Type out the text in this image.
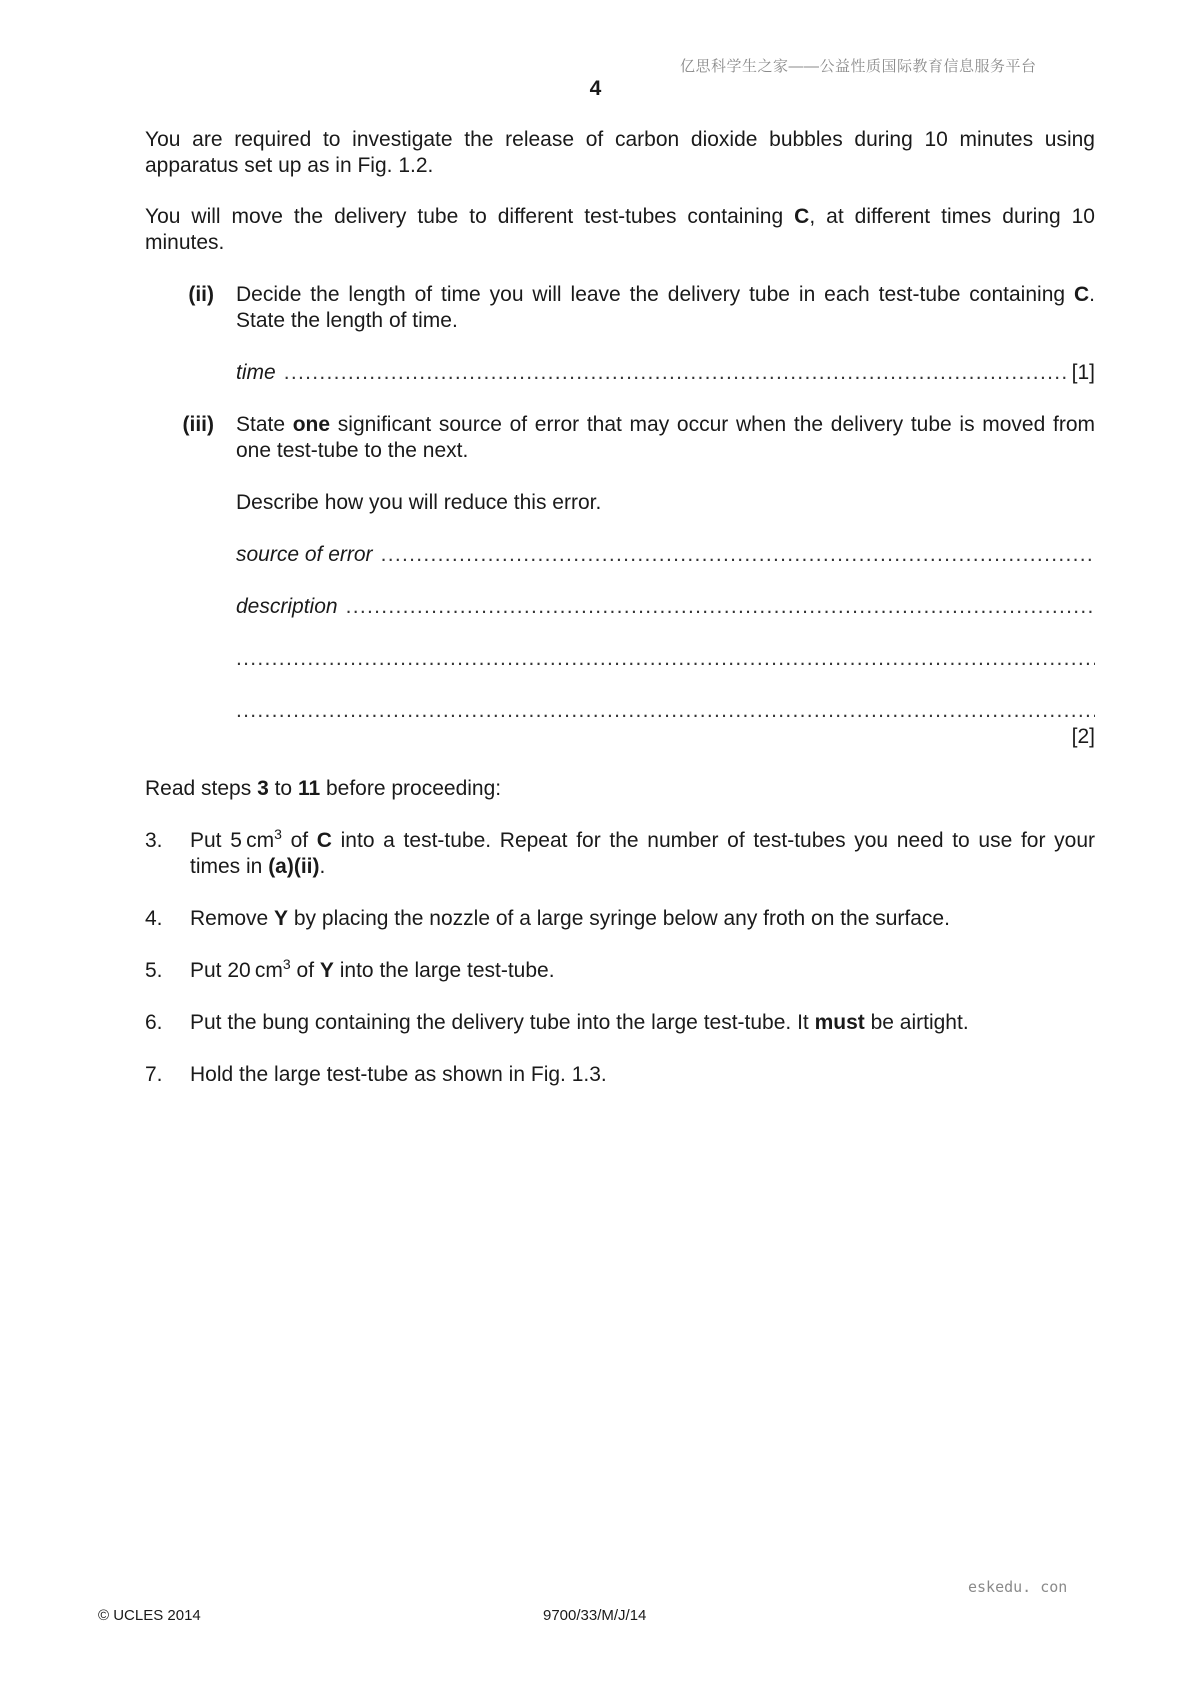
亿思科学生之家——公益性质国际教育信息服务平台
4
You are required to investigate the release of carbon dioxide bubbles during 10 minutes using apparatus set up as in Fig. 1.2.
You will move the delivery tube to different test-tubes containing C, at different times during 10 minutes.
(ii) Decide the length of time you will leave the delivery tube in each test-tube containing C. State the length of time.
time
.....	[1]
(iii) State one significant source of error that may occur when the delivery tube is moved from one test-tube to the next.
Describe how you will reduce this error.
source of error
.....
description
.....
.....
.....
[2]
Read steps 3 to 11 before proceeding:
3.	Put 5 $cm^3$ of C into a test-tube. Repeat for the number of test-tubes you need to use for your times in (a)(ii).
4.	Remove Y by placing the nozzle of a large syringe below any froth on the surface.
5.	Put 20 $cm^3$ of Y into the large test-tube.
6.	Put the bung containing the delivery tube into the large test-tube. It must be airtight.
7.	Hold the large test-tube as shown in Fig. 1.3.
eskedu. con
© UCLES 2014	9700/33/M/J/14
